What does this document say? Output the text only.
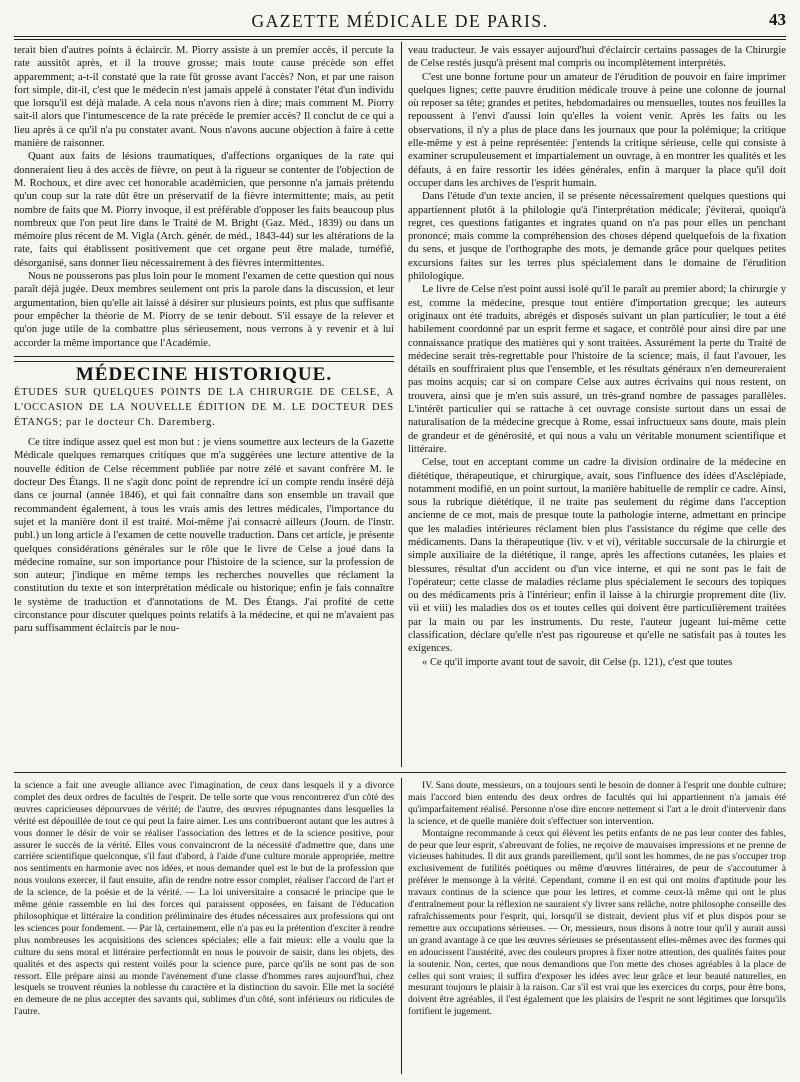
GAZETTE MÉDICALE DE PARIS.	43

terait bien d'autres points à éclaircir. M. Piorry assiste à un premier accès, il percute la rate aussitôt après, et il la trouve grosse; mais toute cause précède son effet apparemment; a-t-il constaté que la rate fût grosse avant l'accès? Non, et par une raison fort simple, dit-il, c'est que le médecin n'est jamais appelé à constater l'état d'un individu que lorsqu'il est déjà malade. A cela nous n'avons rien à dire; mais comment M. Piorry sait-il alors que l'intumescence de la rate précède le premier accès? Il conclut de ce qui a lieu après à ce qu'il n'a pu constater avant. Nous n'avons aucune objection à faire à cette manière de raisonner.

Quant aux faits de lésions traumatiques, d'affections organiques de la rate qui donneraient lieu à des accès de fièvre, on peut à la rigueur se contenter de l'objection de M. Rochoux, et dire avec cet honorable académicien, que personne n'a jamais prétendu qu'un coup sur la rate dût être un préservatif de la fièvre intermittente; mais, au petit nombre de faits que M. Piorry invoque, il est préférable d'opposer les faits beaucoup plus nombreux que l'on peut lire dans le Traité de M. Bright (Gaz. Méd., 1839) ou dans un mémoire plus récent de M. Vigla (Arch. génér. de méd., 1843-44) sur les altérations de la rate, faits qui établissent positivement que cet organe peut être malade, tuméfié, désorganisé, sans donner lieu nécessairement à des fièvres intermittentes.

Nous ne pousserons pas plus loin pour le moment l'examen de cette question qui nous paraît déjà jugée. Deux membres seulement ont pris la parole dans la discussion, et leur argumentation, bien qu'elle ait laissé à désirer sur plusieurs points, est plus que suffisante pour empêcher la théorie de M. Piorry de se tenir debout. S'il essaye de la relever et qu'on juge utile de la combattre plus sérieusement, nous verrons à y revenir et à lui accorder la même importance que l'Académie.

MÉDECINE HISTORIQUE.
ÉTUDES SUR QUELQUES POINTS DE LA CHIRURGIE DE CELSE, A L'OCCASION DE LA NOUVELLE ÉDITION DE M. LE DOCTEUR DES ÉTANGS; par le docteur Ch. Daremberg.

Ce titre indique assez quel est mon but : je viens soumettre aux lecteurs de la Gazette Médicale quelques remarques critiques que m'a suggérées une lecture attentive de la nouvelle édition de Celse récemment publiée par notre zélé et savant confrère M. le docteur Des Étangs. Il ne s'agit donc point de reprendre ici un compte rendu inséré déjà dans ce journal (année 1846), et qui fait connaître dans son ensemble un travail que recommandent également, à tous les vrais amis des lettres médicales, l'importance du sujet et la manière dont il est traité. Moi-même j'ai consacré ailleurs (Journ. de l'instr. publ.) un long article à l'examen de cette nouvelle traduction. Dans cet article, je présente quelques considérations générales sur le rôle que le livre de Celse a joué dans la médecine romaine, sur son importance pour l'histoire de la science, sur la profession de son auteur; j'indique en même temps les recherches nouvelles que réclament la constitution du texte et son interprétation médicale ou historique; enfin je fais connaître le système de traduction et d'annotations de M. Des Étangs. J'ai profité de cette circonstance pour discuter quelques points relatifs à la médecine, et qui ne m'avaient pas paru suffisamment éclaircis par le nou-

veau traducteur. Je vais essayer aujourd'hui d'éclaircir certains passages de la Chirurgie de Celse restés jusqu'à présent mal compris ou incomplètement interprétés.

C'est une bonne fortune pour un amateur de l'érudition de pouvoir en faire imprimer quelques lignes; cette pauvre érudition médicale trouve à peine une colonne de journal où reposer sa tête; grandes et petites, hebdomadaires ou mensuelles, toutes nos feuilles la repoussent à l'envi d'aussi loin qu'elles la voient venir. Après les faits ou les observations, il n'y a plus de place dans les journaux que pour la polémique; la critique elle-même y est à peine représentée: j'entends la critique sérieuse, celle qui consiste à examiner scrupuleusement et impartialement un ouvrage, à en montrer les qualités et les défauts, à en faire ressortir les idées générales, enfin à marquer la place qu'il doit occuper dans les archives de l'esprit humain.

Dans l'étude d'un texte ancien, il se présente nécessairement quelques questions qui appartiennent plutôt à la philologie qu'à l'interprétation médicale; j'éviterai, quoiqu'à regret, ces questions fatigantes et ingrates quand on n'a pas pour elles un penchant prononcé; mais comme la compréhension des choses dépend quelquefois de la fixation du sens, et jusque de l'orthographe des mots, je demande grâce pour quelques petites excursions faites sur les terres plus spécialement dans le domaine de l'érudition philologique.

Le livre de Celse n'est point aussi isolé qu'il le paraît au premier abord; la chirurgie y est, comme la médecine, presque tout entière d'importation grecque; les auteurs originaux ont été traduits, abrégés et disposés suivant un plan particulier; le tout a été habilement coordonné par un esprit ferme et sagace, et contrôlé pour ainsi dire par une connaissance pratique des matières qui y sont traitées. Assurément la perte du Traité de médecine serait très-regrettable pour l'histoire de la science; mais, il faut l'avouer, les détails en souffriraient plus que l'ensemble, et les résultats généraux n'en demeureraient pas moins acquis; car si on compare Celse aux autres écrivains qui nous restent, on trouvera, ainsi que je m'en suis assuré, un très-grand nombre de passages parallèles. L'intérêt particulier qui se rattache à cet ouvrage consiste surtout dans un essai de naturalisation de la médecine grecque à Rome, essai infructueux sans doute, mais plein de grandeur et de générosité, et qui nous a valu un véritable monument scientifique et littéraire.

Celse, tout en acceptant comme un cadre la division ordinaire de la médecine en diététique, thérapeutique, et chirurgique, avait, sous l'influence des idées d'Asclépiade, notamment modifié, en un point surtout, la manière habituelle de remplir ce cadre. Ainsi, sous la rubrique diététique, il ne traite pas seulement du régime dans l'acception ancienne de ce mot, mais de presque toute la pathologie interne, admettant en principe que les maladies intérieures réclament bien plus l'assistance du régime que celle des médicaments. Dans la thérapeutique (liv. v et vi), véritable succursale de la chirurgie et simple auxiliaire de la diététique, il range, après les affections cutanées, les plaies et blessures, résultat d'un accident ou d'un vice interne, et qui ne sont pas le fait de l'opérateur; cette classe de maladies réclame plus spécialement le secours des topiques ou des médicaments pris à l'intérieur; enfin il laisse à la chirurgie proprement dite (liv. vii et viii) les maladies dos os et toutes celles qui doivent être particulièrement traitées par la main ou par les instruments. Du reste, l'auteur jugeant lui-même cette classification, déclare qu'elle n'est pas rigoureuse et qu'elle ne satisfait pas à toutes les exigences.

« Ce qu'il importe avant tout de savoir, dit Celse (p. 121), c'est que toutes

la science a fait une aveugle alliance avec l'imagination, de ceux dans lesquels il y a divorce complet des deux ordres de facultés de l'esprit. De telle sorte que vous rencontrerez d'un côté des œuvres capricieuses dépourvues de vérité; de l'autre, des œuvres répugnantes dans lesquelles la vérité est dépouillée de tout ce qui peut la faire aimer. Les uns contribueront autant que les autres à vous donner le désir de voir se réaliser l'association des lettres et de la science positive, pour assurer le succès de la vérité. Elles vous convaincront de la nécessité d'admettre que, dans une carrière scientifique quelconque, s'il faut d'abord, à l'aide d'une culture morale appropriée, mettre nos sentiments en harmonie avec nos idées, et nous demander quel est le but de la profession que nous voulons exercer, il faut ensuite, afin de rendre notre essor complet, réaliser l'accord de l'art et de la science, de la poésie et de la vérité. — La loi universitaire a consacré le principe que le même génie rassemble en lui des forces qui paraissent opposées, en faisant de l'éducation philosophique et littéraire la condition préliminaire des études nécessaires aux professions qui ont les sciences pour fondement. — Par là, certainement, elle n'a pas eu la prétention d'exciter à rendre plus nombreuses les acquisitions des sciences spéciales; elle a fait mieux: elle a voulu que la culture du sens moral et littéraire perfectionnât en nous le pouvoir de saisir, dans les objets, des qualités et des aspects qui restent voilés pour la science pure, parce qu'ils ne sont pas de son ressort. Elle prépare ainsi au monde l'avénement d'une classe d'hommes rares aujourd'hui, chez lesquels se trouvent réunies la noblesse du caractère et la distinction du savoir. Elle met la société en demeure de ne plus accepter des savants qui, sublimes d'un côté, sont inférieurs ou ridicules de l'autre.

IV. Sans doute, messieurs, on a toujours senti le besoin de donner à l'esprit une double culture; mais l'accord bien entendu des deux ordres de facultés qui lui appartiennent n'a jamais été qu'imparfaitement réalisé. Personne n'ose dire encore nettement si l'art a le droit d'intervenir dans la science, et de quelle manière doit s'effectuer son intervention.

Montaigne recommande à ceux qui élèvent les petits enfants de ne pas leur conter des fables, de peur que leur esprit, s'abreuvant de folies, ne reçoive de mauvaises impressions et ne prenne de vicieuses habitudes. Il dit aux grands pareillement, qu'il sont les hommes, de ne pas s'occuper trop exclusivement de futilités poétiques ou même d'œuvres littéraires, de peur de s'accoutumer à préférer le mensonge à la vérité. Cependant, comme il en est qui ont moins d'aptitude pour les travaux continus de la science que pour les lettres, et comme ceux-là même qui ont le plus d'entraînement pour la réflexion ne sauraient s'y livrer sans relâche, notre philosophe conseille des rafraîchissements pour l'esprit, qui, lorsqu'il se distrait, devient plus vif et plus dispos pour se remettre aux occupations sérieuses. — Or, messieurs, nous disons à notre tour qu'il y aurait aussi un grand avantage à ce que les œuvres sérieuses se présentassent elles-mêmes avec des formes qui en adoucissent l'austérité, avec des couleurs propres à fixer notre attention, des qualités faites pour la soutenir. Non, certes, que nous demandions que l'on mette des choses agréables à la place de celles qui sont vraies; il suffira d'exposer les idées avec leur grâce et leur beauté naturelles, en mesurant toujours le plaisir à la raison. Car s'il est vrai que les exercices du corps, pour être bons, doivent être agréables, il l'est également que les plaisirs de l'esprit ne sont légitimes que lorsqu'ils fortifient le jugement.
